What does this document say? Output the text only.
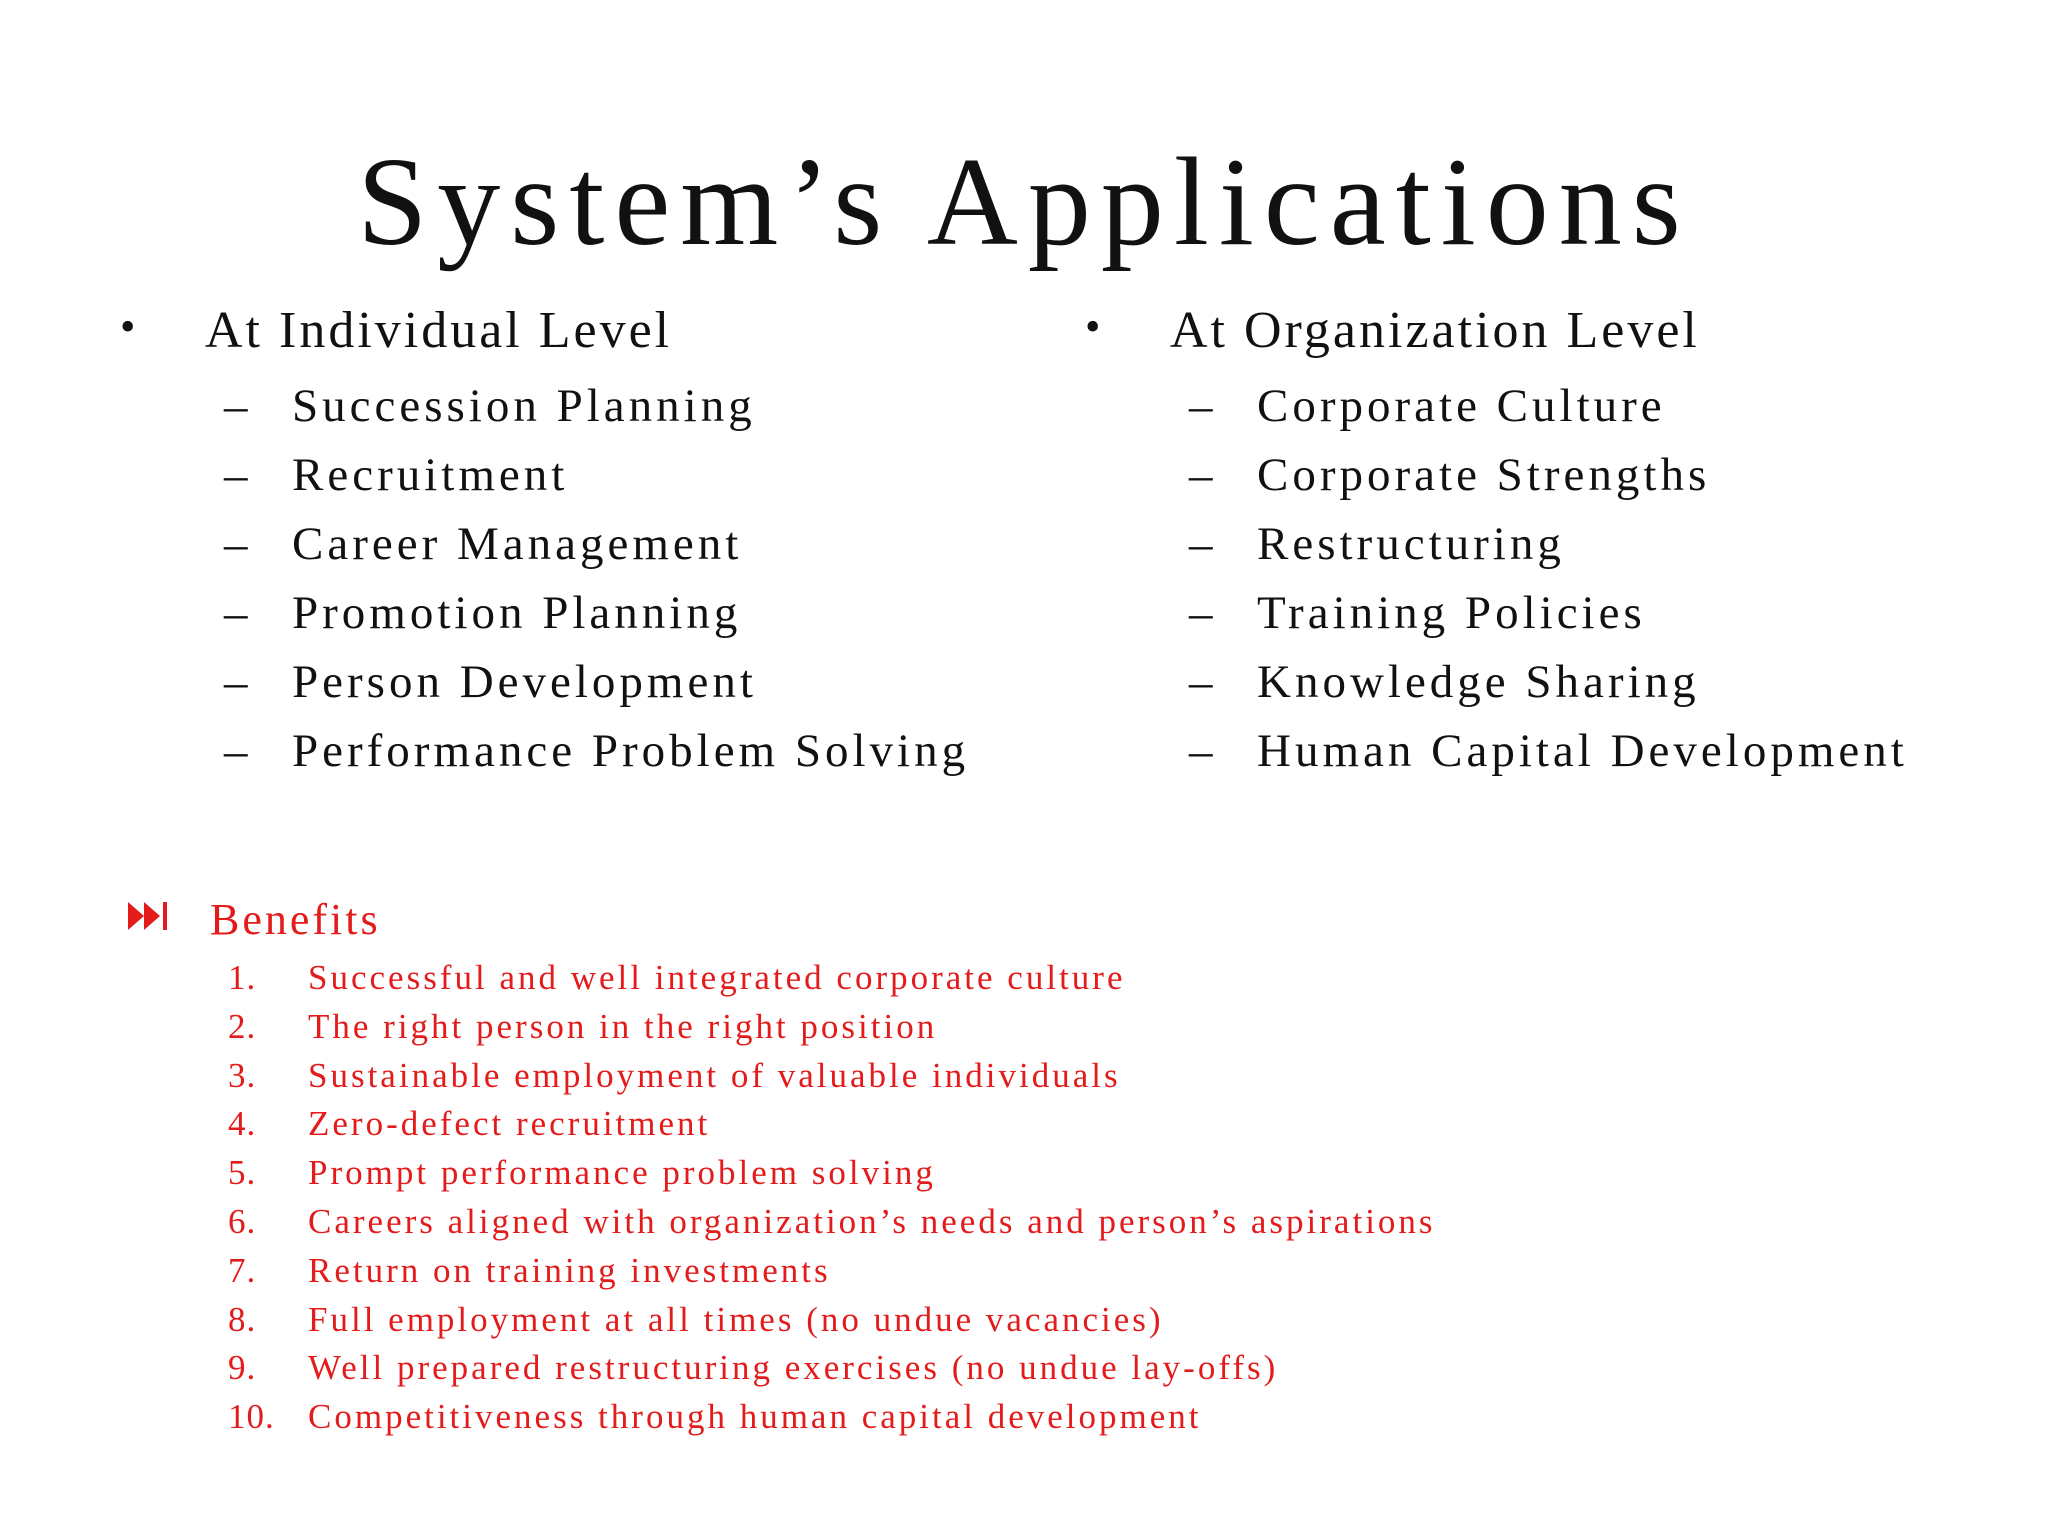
System’s Applications
•	At Individual Level
– Succession Planning
– Recruitment
– Career Management
– Promotion Planning
– Person Development
– Performance Problem Solving
•	At Organization Level
– Corporate Culture
– Corporate Strengths
– Restructuring
– Training Policies
– Knowledge Sharing
– Human Capital Development
Benefits
1.	Successful and well integrated corporate culture
2.	The right person in the right position
3.	Sustainable employment of valuable individuals
4.	Zero-defect recruitment
5.	Prompt performance problem solving
6.	Careers aligned with organization’s needs and person’s aspirations
7.	Return on training investments
8.	Full employment at all times (no undue vacancies)
9.	Well prepared restructuring exercises (no undue lay-offs)
10. Competitiveness through human capital development
